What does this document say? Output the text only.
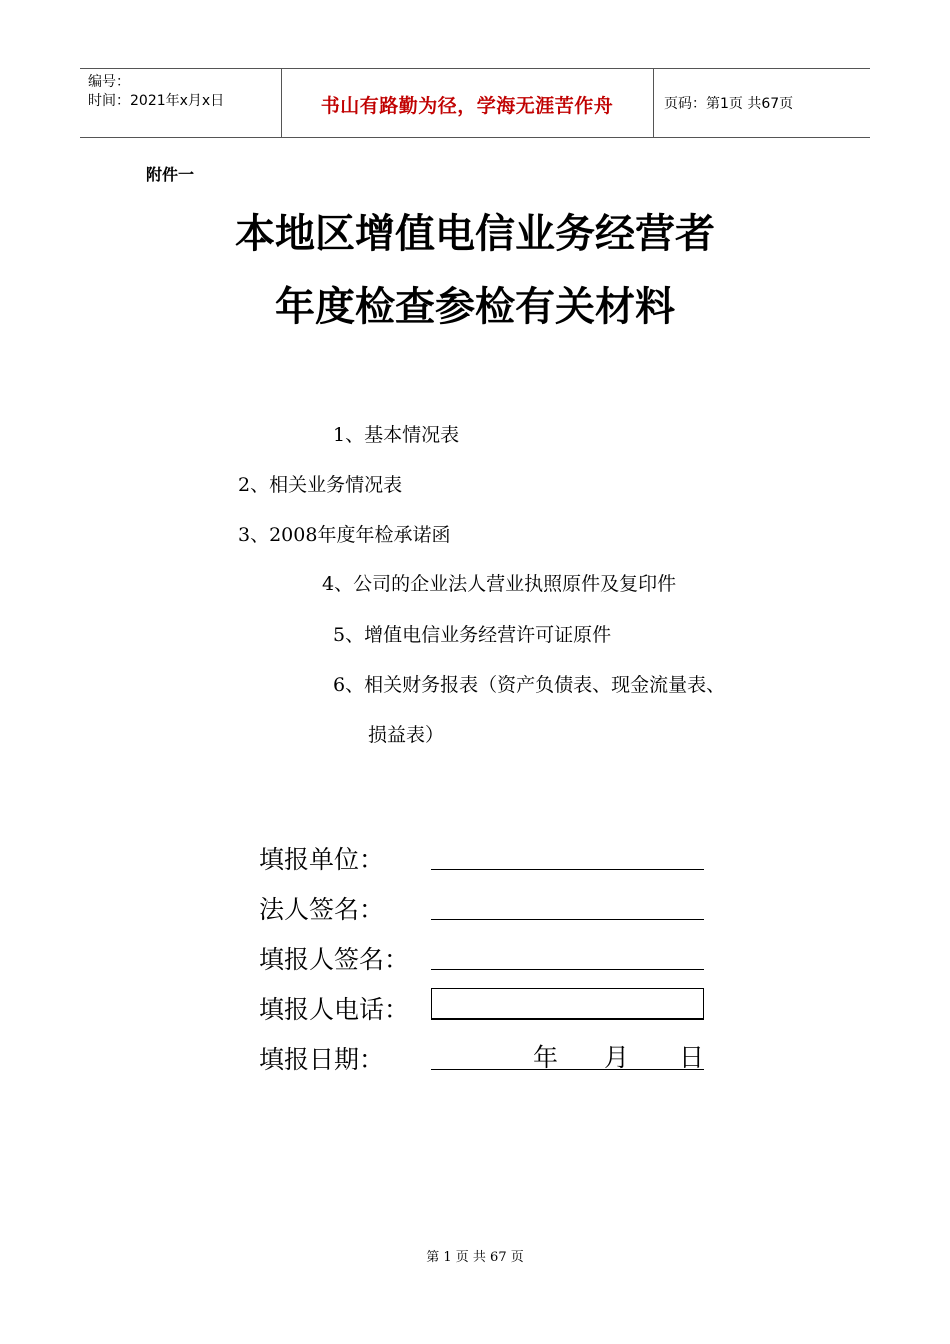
编号：
时间：2021年x月x日	书山有路勤为径，学海无涯苦作舟	页码：第1页 共67页
附件一
本地区增值电信业务经营者
年度检查参检有关材料
1、基本情况表
2、相关业务情况表
3、2008年度年检承诺函
4、公司的企业法人营业执照原件及复印件
5、增值电信业务经营许可证原件
6、相关财务报表（资产负债表、现金流量表、
损益表）
填报单位：
法人签名：
填报人签名：
填报人电话：
填报日期：	年 月 日
第 1 页 共 67 页
